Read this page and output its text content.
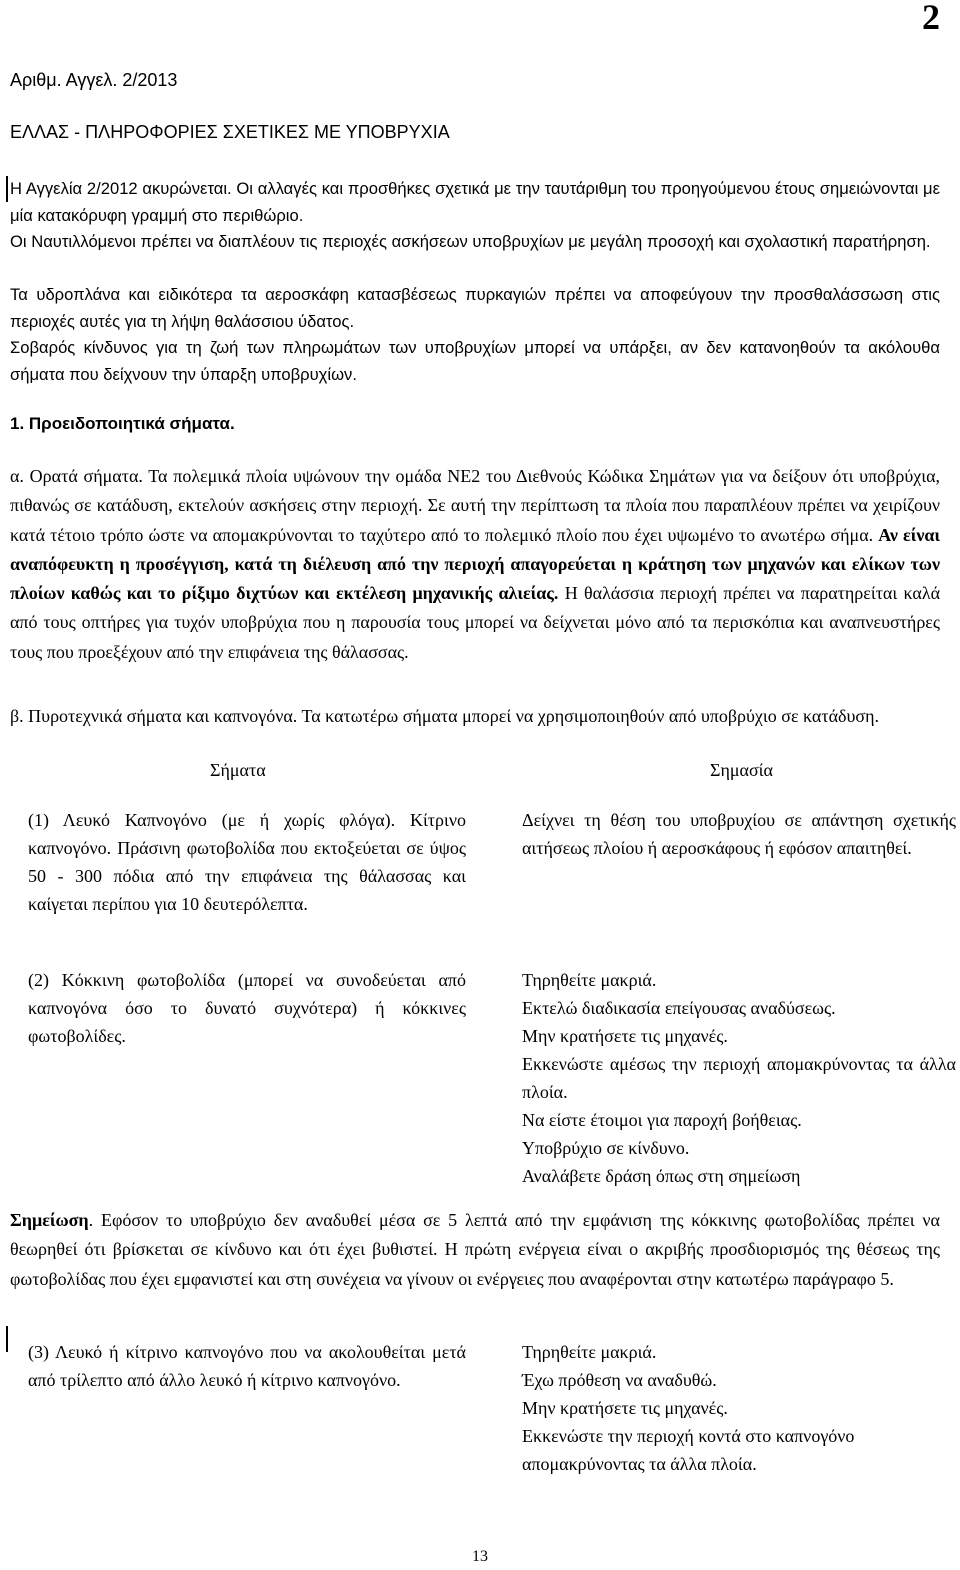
2
Αριθμ. Αγγελ. 2/2013
ΕΛΛΑΣ - ΠΛΗΡΟΦΟΡΙΕΣ ΣΧΕΤΙΚΕΣ ΜΕ ΥΠΟΒΡΥΧΙΑ
Η Αγγελία 2/2012 ακυρώνεται. Οι αλλαγές και προσθήκες σχετικά με την ταυτάριθμη του προηγούμενου έτους σημειώνονται με μία κατακόρυφη γραμμή στο περιθώριο.
Οι Ναυτιλλόμενοι πρέπει να διαπλέουν τις περιοχές ασκήσεων υποβρυχίων με μεγάλη προσοχή και σχολαστική παρατήρηση.
Τα υδροπλάνα και ειδικότερα τα αεροσκάφη κατασβέσεως πυρκαγιών πρέπει να αποφεύγουν την προσθαλάσσωση στις περιοχές αυτές για τη λήψη θαλάσσιου ύδατος.
Σοβαρός κίνδυνος για τη ζωή των πληρωμάτων των υποβρυχίων μπορεί να υπάρξει, αν δεν κατανοηθούν τα ακόλουθα σήματα που δείχνουν την ύπαρξη υποβρυχίων.
1. Προειδοποιητικά σήματα.
α. Ορατά σήματα. Τα πολεμικά πλοία υψώνουν την ομάδα ΝΕ2 του Διεθνούς Κώδικα Σημάτων για να δείξουν ότι υποβρύχια, πιθανώς σε κατάδυση, εκτελούν ασκήσεις στην περιοχή. Σε αυτή την περίπτωση τα πλοία που παραπλέουν πρέπει να χειρίζουν κατά τέτοιο τρόπο ώστε να απομακρύνονται το ταχύτερο από το πολεμικό πλοίο που έχει υψωμένο το ανωτέρω σήμα. Αν είναι αναπόφευκτη η προσέγγιση, κατά τη διέλευση από την περιοχή απαγορεύεται η κράτηση των μηχανών και ελίκων των πλοίων καθώς και το ρίξιμο διχτύων και εκτέλεση μηχανικής αλιείας. Η θαλάσσια περιοχή πρέπει να παρατηρείται καλά από τους οπτήρες για τυχόν υποβρύχια που η παρουσία τους μπορεί να δείχνεται μόνο από τα περισκόπια και αναπνευστήρες τους που προεξέχουν από την επιφάνεια της θάλασσας.
β. Πυροτεχνικά σήματα και καπνογόνα. Τα κατωτέρω σήματα μπορεί να χρησιμοποιηθούν από υποβρύχιο σε κατάδυση.
Σήματα	Σημασία
(1) Λευκό Καπνογόνο (με ή χωρίς φλόγα). Κίτρινο καπνογόνο. Πράσινη φωτοβολίδα που εκτοξεύεται σε ύψος 50 - 300 πόδια από την επιφάνεια της θάλασσας και καίγεται περίπου για 10 δευτερόλεπτα.
Δείχνει τη θέση του υποβρυχίου σε απάντηση σχετικής αιτήσεως πλοίου ή αεροσκάφους ή εφόσον απαιτηθεί.
(2) Κόκκινη φωτοβολίδα (μπορεί να συνοδεύεται από καπνογόνα όσο το δυνατό συχνότερα) ή κόκκινες φωτοβολίδες.
Τηρηθείτε μακριά.
Εκτελώ διαδικασία επείγουσας αναδύσεως.
Μην κρατήσετε τις μηχανές.
Εκκενώστε αμέσως την περιοχή απομακρύνοντας τα άλλα πλοία.
Να είστε έτοιμοι για παροχή βοήθειας.
Υποβρύχιο σε κίνδυνο.
Αναλάβετε δράση όπως στη σημείωση
Σημείωση. Εφόσον το υποβρύχιο δεν αναδυθεί μέσα σε 5 λεπτά από την εμφάνιση της κόκκινης φωτοβολίδας πρέπει να θεωρηθεί ότι βρίσκεται σε κίνδυνο και ότι έχει βυθιστεί. Η πρώτη ενέργεια είναι ο ακριβής προσδιορισμός της θέσεως της φωτοβολίδας που έχει εμφανιστεί και στη συνέχεια να γίνουν οι ενέργειες που αναφέρονται στην κατωτέρω παράγραφο 5.
(3) Λευκό ή κίτρινο καπνογόνο που να ακολουθείται μετά από τρίλεπτο από άλλο λευκό ή κίτρινο καπνογόνο.
Τηρηθείτε μακριά.
Έχω πρόθεση να αναδυθώ.
Μην κρατήσετε τις μηχανές.
Εκκενώστε την περιοχή κοντά στο καπνογόνο απομακρύνοντας τα άλλα πλοία.
13
